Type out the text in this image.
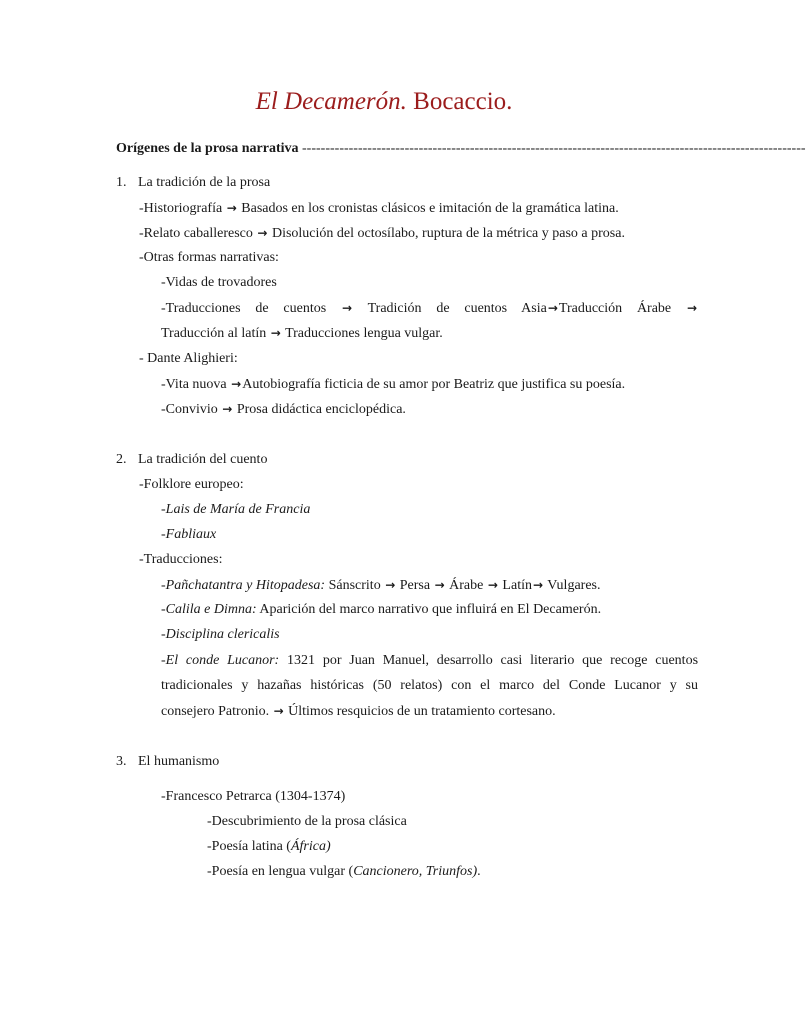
El Decamerón. Bocaccio.
Orígenes de la prosa narrativa ------------------------------------------------------------------------------------------------------------
1. La tradición de la prosa
-Historiografía → Basados en los cronistas clásicos e imitación de la gramática latina.
-Relato caballeresco → Disolución del octosílabo, ruptura de la métrica y paso a prosa.
-Otras formas narrativas:
-Vidas de trovadores
-Traducciones de cuentos → Tradición de cuentos Asia→Traducción Árabe →
Traducción al latín → Traducciones lengua vulgar.
- Dante Alighieri:
-Vita nuova →Autobiografía ficticia de su amor por Beatriz que justifica su poesía.
-Convivio → Prosa didáctica enciclopédica.
2. La tradición del cuento
-Folklore europeo:
-Lais de María de Francia
-Fabliaux
-Traducciones:
-Pañchatantra y Hitopadesa: Sánscrito → Persa → Árabe → Latín→ Vulgares.
-Calila e Dimna: Aparición del marco narrativo que influirá en El Decamerón.
-Disciplina clericalis
-El conde Lucanor: 1321 por Juan Manuel, desarrollo casi literario que recoge cuentos
tradicionales y hazañas históricas (50 relatos) con el marco del Conde Lucanor y su
consejero Patronio. → Últimos resquicios de un tratamiento cortesano.
3. El humanismo
-Francesco Petrarca (1304-1374)
-Descubrimiento de la prosa clásica
-Poesía latina (África)
-Poesía en lengua vulgar (Cancionero, Triunfos).
